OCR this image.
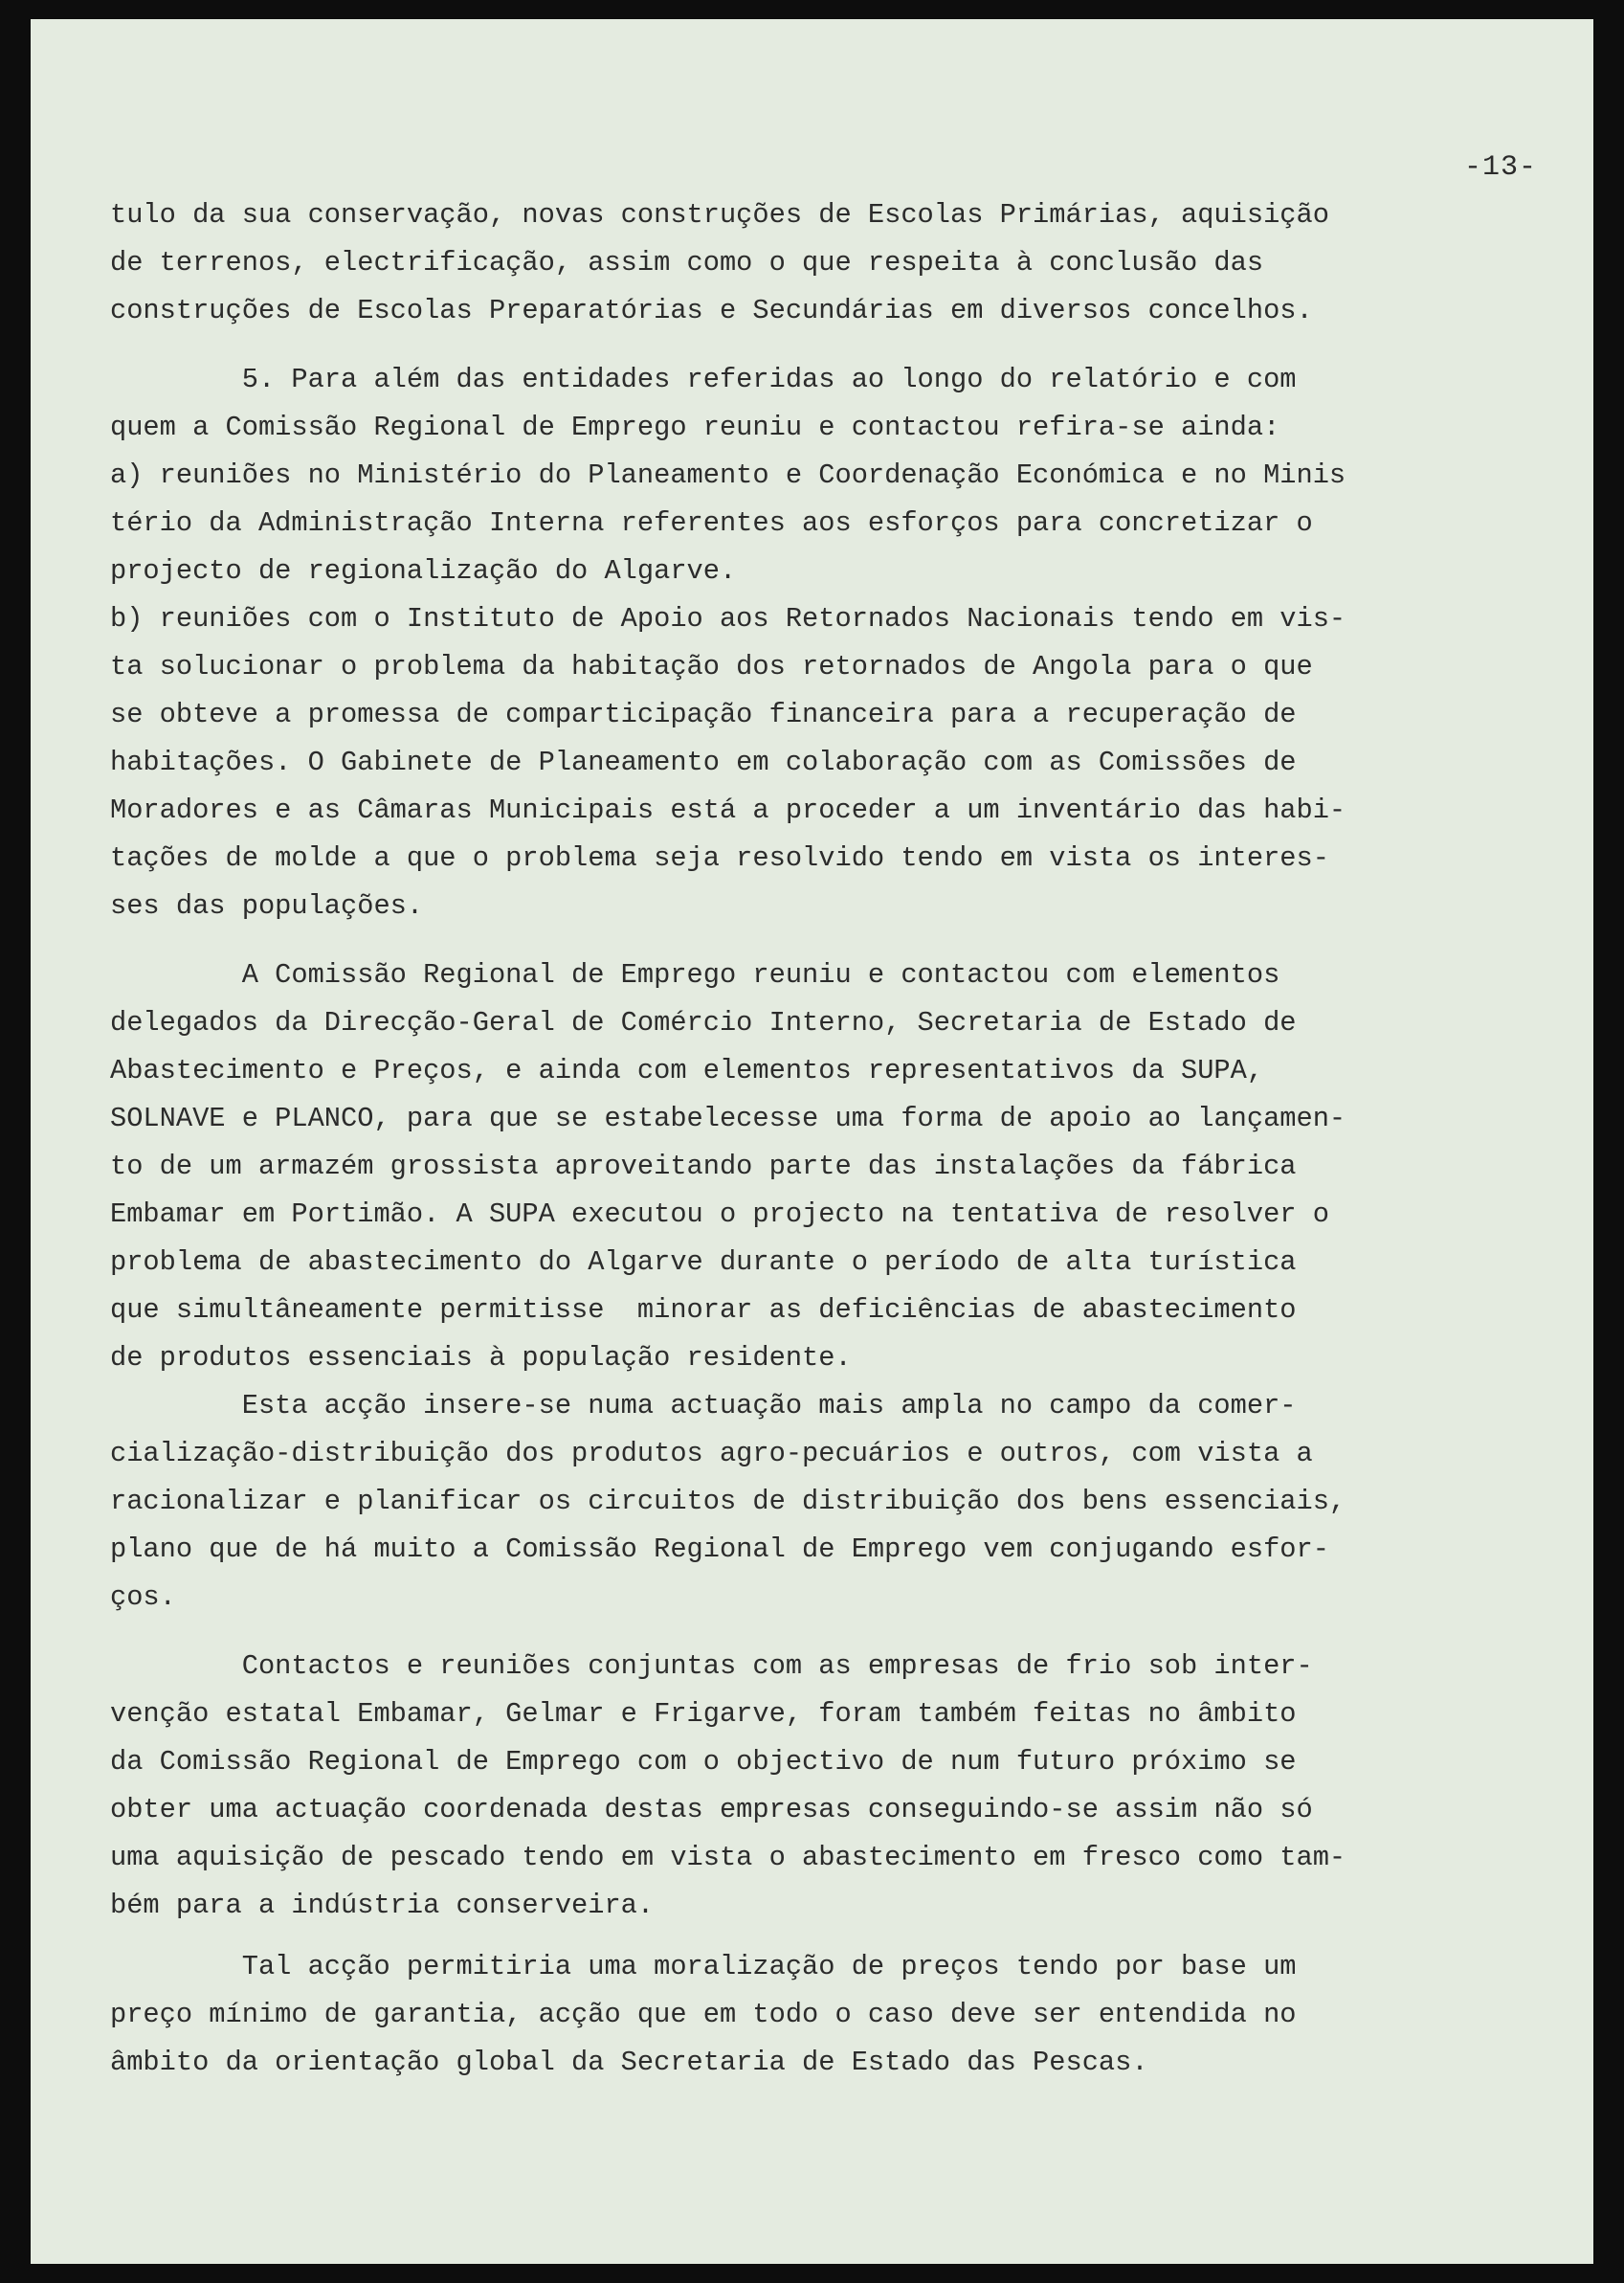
-13-
tulo da sua conservação, novas construções de Escolas Primárias, aquisição
de terrenos, electrificação, assim como o que respeita à conclusão das
construções de Escolas Preparatórias e Secundárias em diversos concelhos.
5. Para além das entidades referidas ao longo do relatório e com
quem a Comissão Regional de Emprego reuniu e contactou refira-se ainda:
a) reuniões no Ministério do Planeamento e Coordenação Económica e no Minis
tério da Administração Interna referentes aos esforços para concretizar o
projecto de regionalização do Algarve.
b) reuniões com o Instituto de Apoio aos Retornados Nacionais tendo em vis-
ta solucionar o problema da habitação dos retornados de Angola para o que
se obteve a promessa de comparticipação financeira para a recuperação de
habitações. O Gabinete de Planeamento em colaboração com as Comissões de
Moradores e as Câmaras Municipais está a proceder a um inventário das habi-
tações de molde a que o problema seja resolvido tendo em vista os interes-
ses das populações.
A Comissão Regional de Emprego reuniu e contactou com elementos
delegados da Direcção-Geral de Comércio Interno, Secretaria de Estado de
Abastecimento e Preços, e ainda com elementos representativos da SUPA,
SOLNAVE e PLANCO, para que se estabelecesse uma forma de apoio ao lançamen-
to de um armazém grossista aproveitando parte das instalações da fábrica
Embamar em Portimão. A SUPA executou o projecto na tentativa de resolver o
problema de abastecimento do Algarve durante o período de alta turística
que simultâneamente permitisse  minorar as deficiências de abastecimento
de produtos essenciais à população residente.
Esta acção insere-se numa actuação mais ampla no campo da comer-
cialização-distribuição dos produtos agro-pecuários e outros, com vista a
racionalizar e planificar os circuitos de distribuição dos bens essenciais,
plano que de há muito a Comissão Regional de Emprego vem conjugando esfor-
ços.
Contactos e reuniões conjuntas com as empresas de frio sob inter-
venção estatal Embamar, Gelmar e Frigarve, foram também feitas no âmbito
da Comissão Regional de Emprego com o objectivo de num futuro próximo se
obter uma actuação coordenada destas empresas conseguindo-se assim não só
uma aquisição de pescado tendo em vista o abastecimento em fresco como tam-
bém para a indústria conserveira.
Tal acção permitiria uma moralização de preços tendo por base um
preço mínimo de garantia, acção que em todo o caso deve ser entendida no
âmbito da orientação global da Secretaria de Estado das Pescas.
